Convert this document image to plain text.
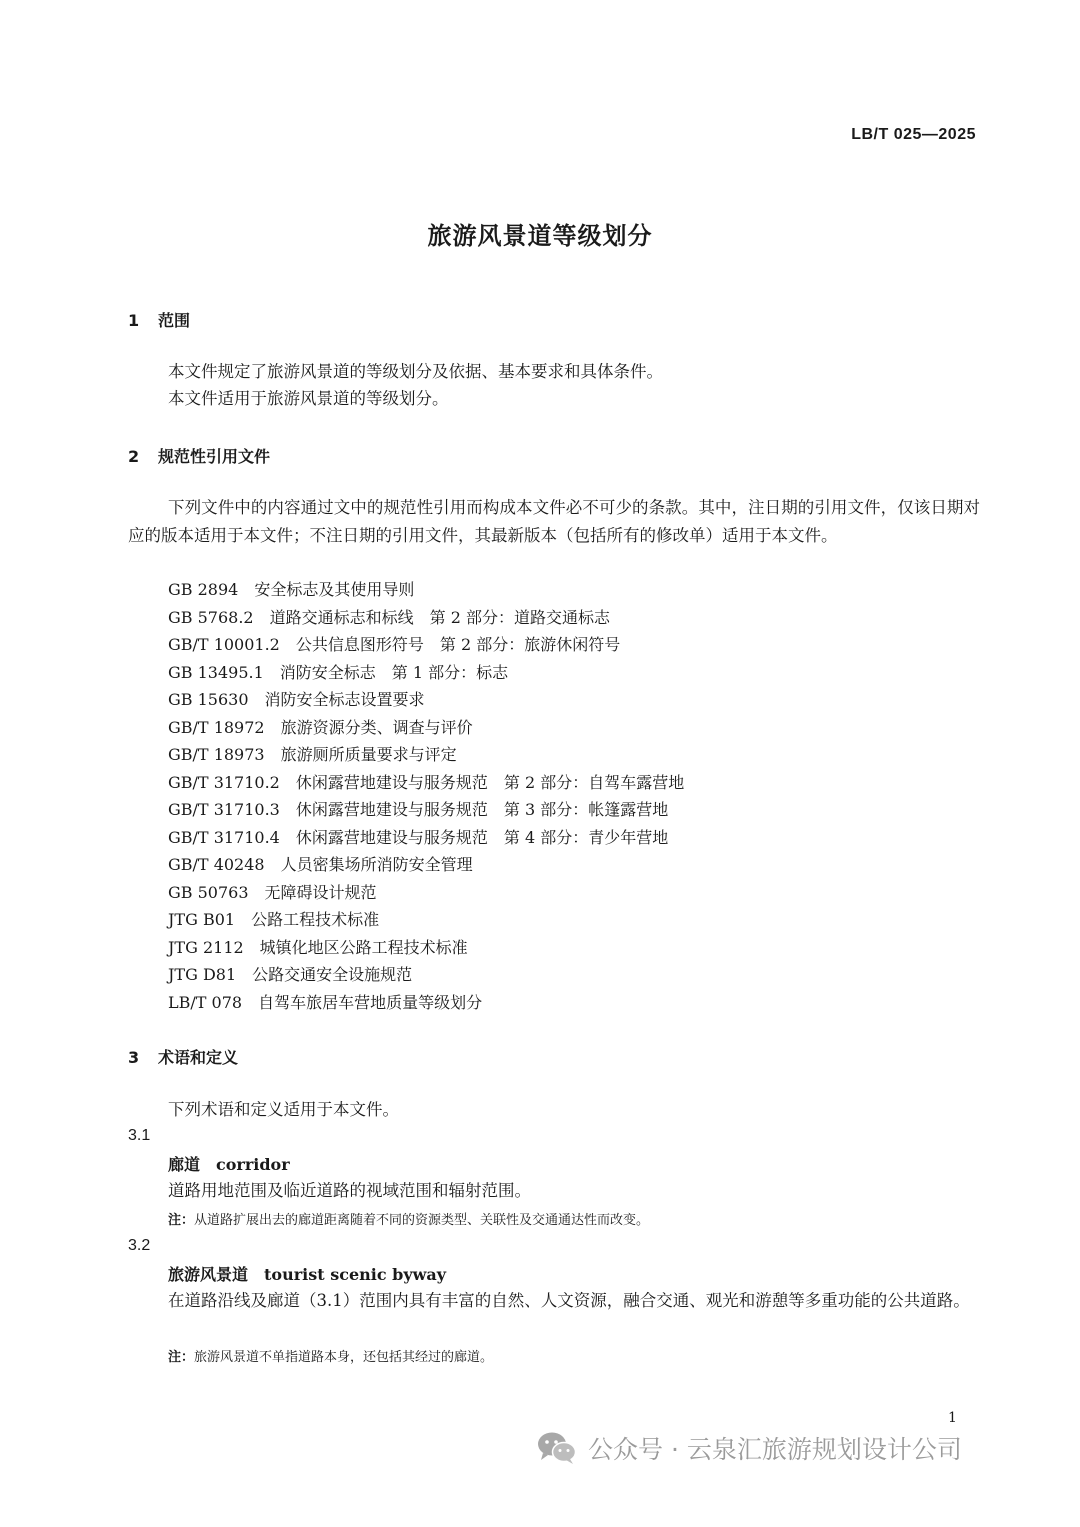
LB/T 025—2025
旅游风景道等级划分
1 范围
本文件规定了旅游风景道的等级划分及依据、基本要求和具体条件。
本文件适用于旅游风景道的等级划分。
2 规范性引用文件
下列文件中的内容通过文中的规范性引用而构成本文件必不可少的条款。其中，注日期的引用文件，仅该日期对应的版本适用于本文件；不注日期的引用文件，其最新版本（包括所有的修改单）适用于本文件。
GB 2894 安全标志及其使用导则
GB 5768.2 道路交通标志和标线　第 2 部分：道路交通标志
GB/T 10001.2 公共信息图形符号　第 2 部分：旅游休闲符号
GB 13495.1 消防安全标志　第 1 部分：标志
GB 15630 消防安全标志设置要求
GB/T 18972 旅游资源分类、调查与评价
GB/T 18973 旅游厕所质量要求与评定
GB/T 31710.2 休闲露营地建设与服务规范　第 2 部分：自驾车露营地
GB/T 31710.3 休闲露营地建设与服务规范　第 3 部分：帐篷露营地
GB/T 31710.4 休闲露营地建设与服务规范　第 4 部分：青少年营地
GB/T 40248 人员密集场所消防安全管理
GB 50763 无障碍设计规范
JTG B01 公路工程技术标准
JTG 2112 城镇化地区公路工程技术标准
JTG D81 公路交通安全设施规范
LB/T 078 自驾车旅居车营地质量等级划分
3 术语和定义
下列术语和定义适用于本文件。
3.1
廊道 corridor
道路用地范围及临近道路的视域范围和辐射范围。
注：从道路扩展出去的廊道距离随着不同的资源类型、关联性及交通通达性而改变。
3.2
旅游风景道 tourist scenic byway
在道路沿线及廊道（3.1）范围内具有丰富的自然、人文资源，融合交通、观光和游憩等多重功能的公共道路。
注：旅游风景道不单指道路本身，还包括其经过的廊道。
1
公众号 · 云泉汇旅游规划设计公司
